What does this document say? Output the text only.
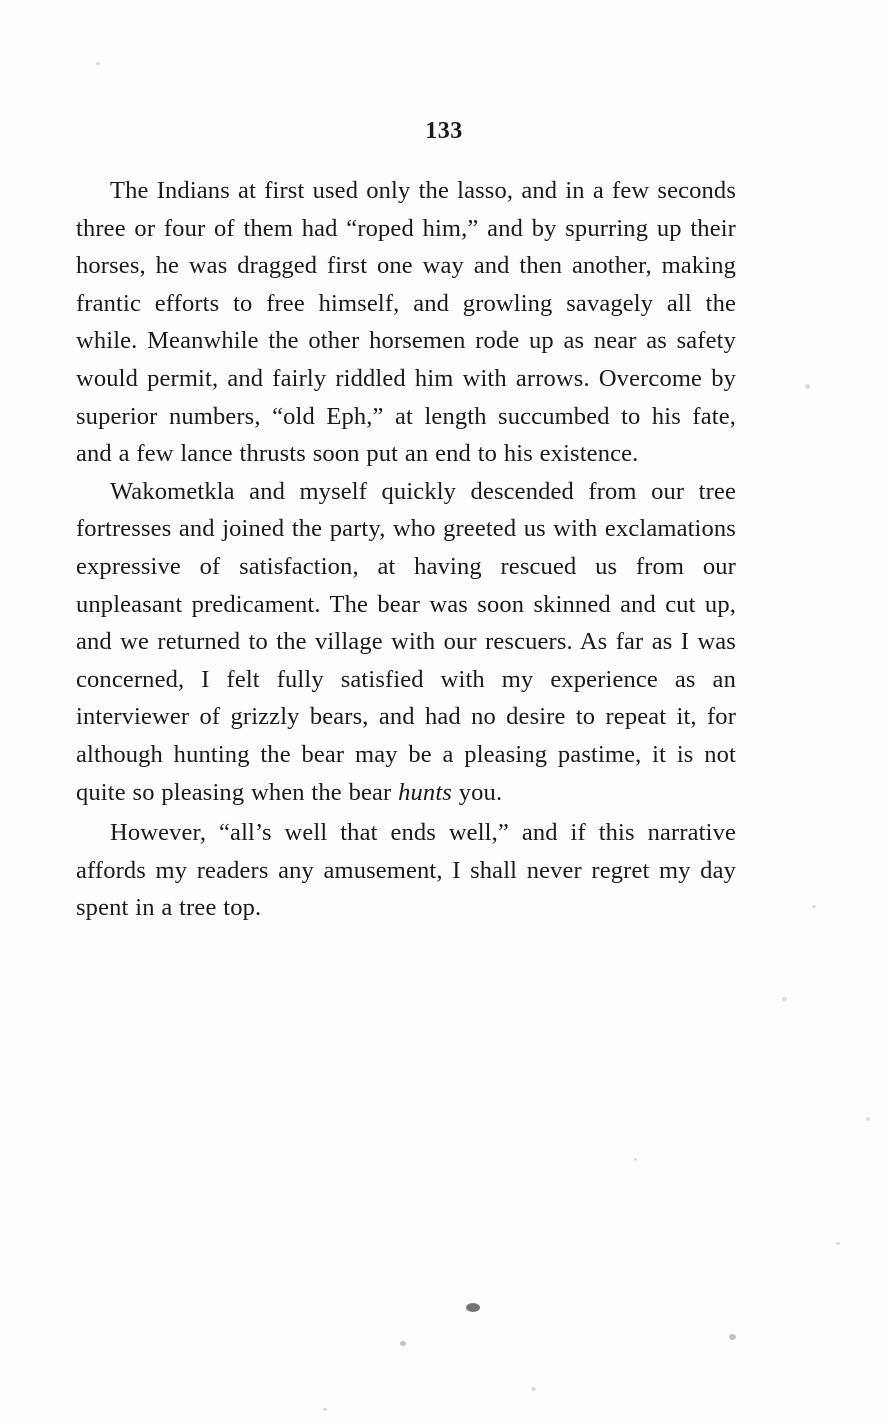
133

The Indians at first used only the lasso, and in a few seconds three or four of them had “roped him,” and by spurring up their horses, he was dragged first one way and then another, making frantic efforts to free himself, and growling savagely all the while. Meanwhile the other horsemen rode up as near as safety would permit, and fairly riddled him with arrows. Overcome by superior numbers, “old Eph,” at length succumbed to his fate, and a few lance thrusts soon put an end to his existence.

Wakometkla and myself quickly descended from our tree fortresses and joined the party, who greeted us with exclamations expressive of satisfaction, at having rescued us from our unpleasant predicament. The bear was soon skinned and cut up, and we returned to the village with our rescuers. As far as I was concerned, I felt fully satisfied with my experience as an interviewer of grizzly bears, and had no desire to repeat it, for although hunting the bear may be a pleasing pastime, it is not quite so pleasing when the bear hunts you.

However, “all’s well that ends well,” and if this narrative affords my readers any amusement, I shall never regret my day spent in a tree top.
